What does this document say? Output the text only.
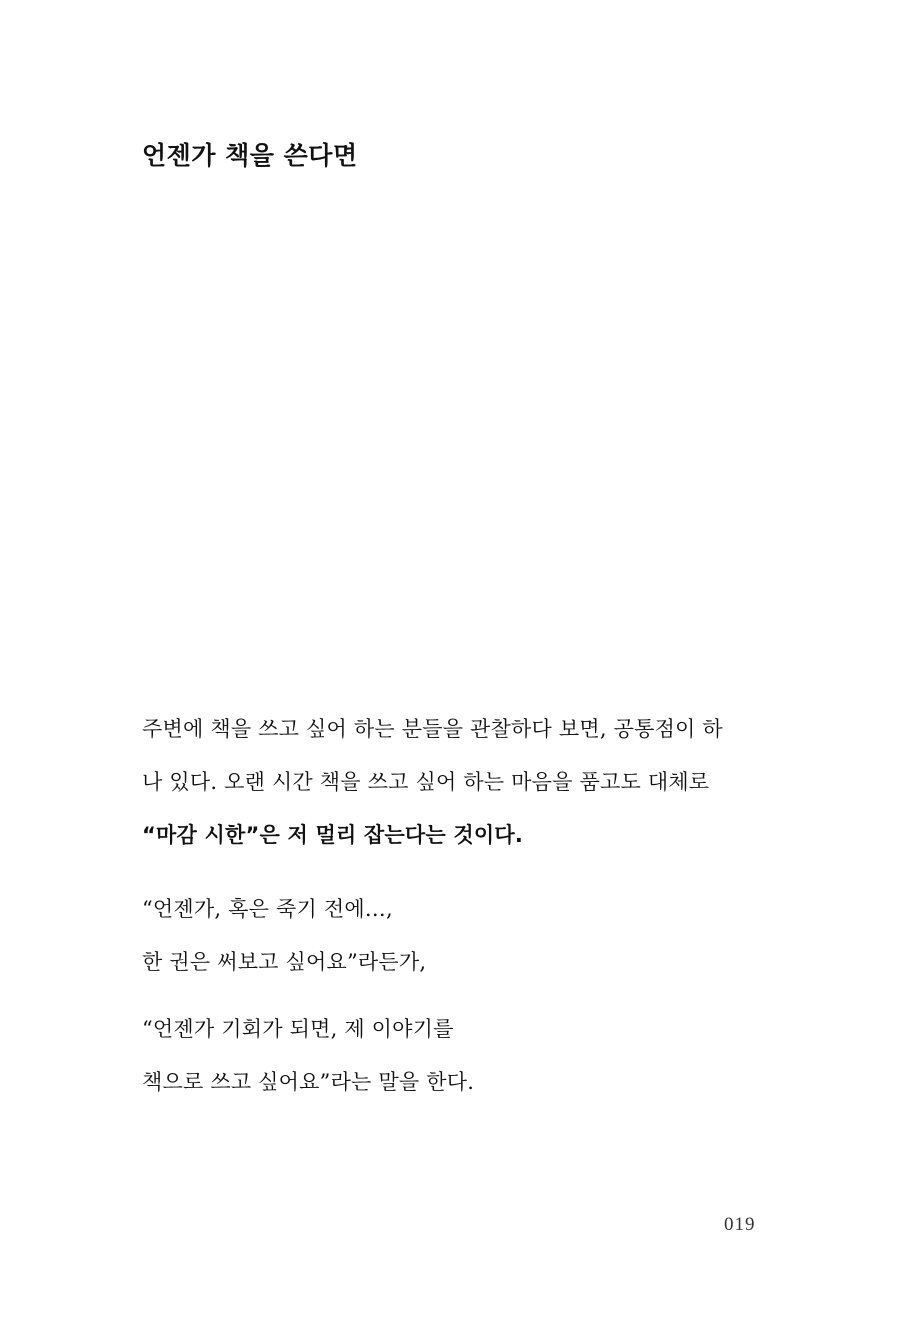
언젠가 책을 쓴다면
주변에 책을 쓰고 싶어 하는 분들을 관찰하다 보면, 공통점이 하
나 있다. 오랜 시간 책을 쓰고 싶어 하는 마음을 품고도 대체로
“마감 시한”은 저 멀리 잡는다는 것이다.
“언젠가, 혹은 죽기 전에…,
한 권은 써보고 싶어요”라든가,
“언젠가 기회가 되면, 제 이야기를
책으로 쓰고 싶어요”라는 말을 한다.
019
